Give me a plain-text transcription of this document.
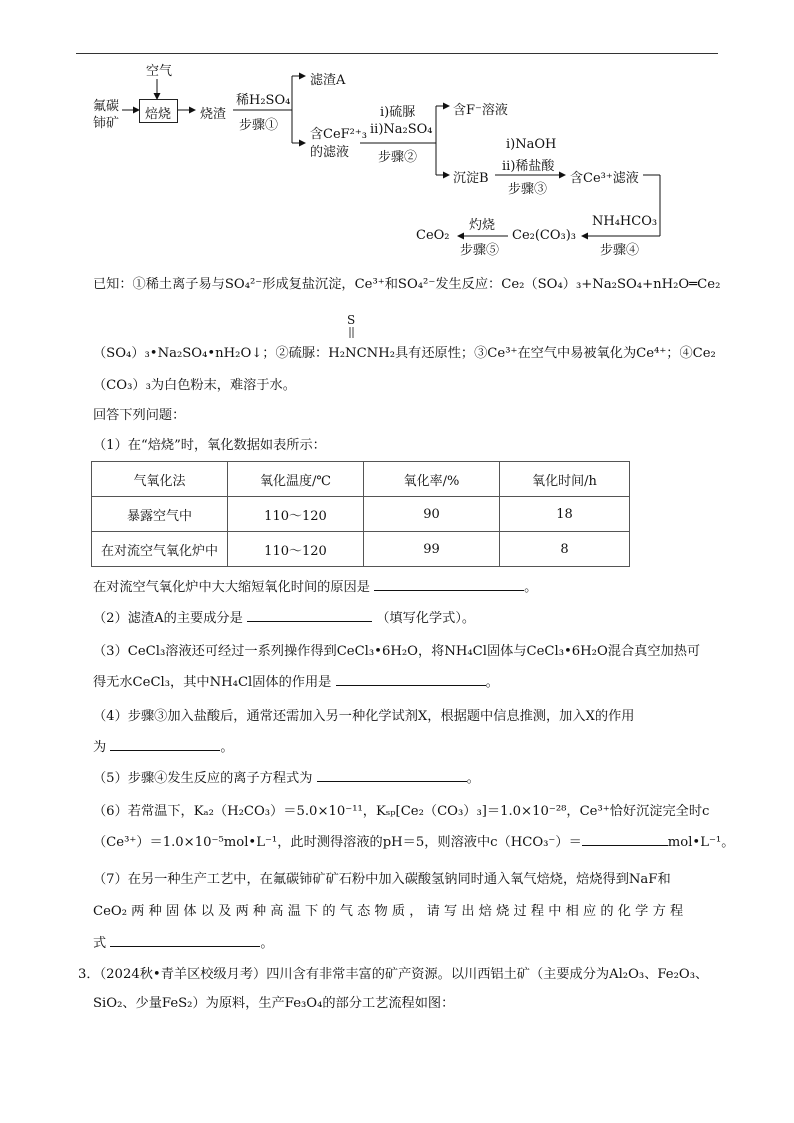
空气
氟碳
铈矿
焙烧 烧渣
稀H₂SO₄
步骤①
滤渣A
含CeF²⁺₃
的滤液
i)硫脲
ii)Na₂SO₄
步骤②
含F⁻溶液
沉淀B
i)NaOH
ii)稀盐酸
步骤③
含Ce³⁺滤液
NH₄HCO₃
步骤④
Ce₂(CO₃)₃
灼烧
步骤⑤
CeO₂
已知：①稀土离子易与SO₄²⁻形成复盐沉淀，Ce³⁺和SO₄²⁻发生反应：Ce₂（SO₄）₃+Na₂SO₄+nH₂O═Ce₂
S
（SO₄）₃•Na₂SO₄•nH₂O↓；②硫脲：H₂NCNH₂具有还原性；③Ce³⁺在空气中易被氧化为Ce⁴⁺；④Ce₂
（CO₃）₃为白色粉末，难溶于水。
回答下列问题：
（1）在“焙烧”时，氧化数据如表所示：
气氧化法	氧化温度/℃	氧化率/%	氧化时间/h
暴露空气中	110～120	90	18
在对流空气氧化炉中	110～120	99	8
在对流空气氧化炉中大大缩短氧化时间的原因是	。
（2）滤渣A的主要成分是	（填写化学式）。
（3）CeCl₃溶液还可经过一系列操作得到CeCl₃•6H₂O，将NH₄Cl固体与CeCl₃•6H₂O混合真空加热可
得无水CeCl₃，其中NH₄Cl固体的作用是	。
（4）步骤③加入盐酸后，通常还需加入另一种化学试剂X，根据题中信息推测，加入X的作用
为	。
（5）步骤④发生反应的离子方程式为	。
（6）若常温下，Kₐ₂（H₂CO₃）＝5.0×10⁻¹¹，Kₛₚ[Ce₂（CO₃）₃]＝1.0×10⁻²⁸，Ce³⁺恰好沉淀完全时c
（Ce³⁺）＝1.0×10⁻⁵mol•L⁻¹，此时测得溶液的pH＝5，则溶液中c（HCO₃⁻）＝	mol•L⁻¹。
（7）在另一种生产工艺中，在氟碳铈矿矿石粉中加入碳酸氢钠同时通入氧气焙烧，焙烧得到NaF和
CeO₂ 两 种 固 体 以 及 两 种 高 温 下 的 气 态 物 质 ， 请 写 出 焙 烧 过 程 中 相 应 的 化 学 方 程
式	。
3．（2024秋•青羊区校级月考）四川含有非常丰富的矿产资源。以川西铝土矿（主要成分为Al₂O₃、Fe₂O₃、
SiO₂、少量FeS₂）为原料，生产Fe₃O₄的部分工艺流程如图：
